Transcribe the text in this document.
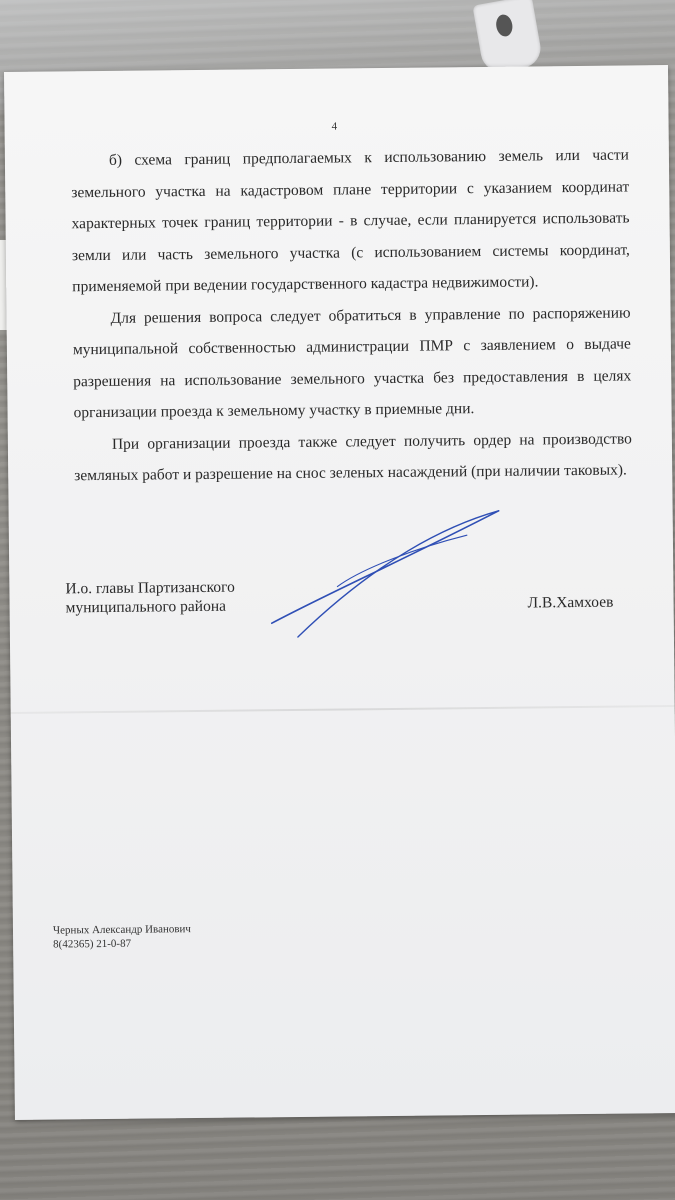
4

б) схема границ предполагаемых к использованию земель или части земельного участка на кадастровом плане территории с указанием координат характерных точек границ территории - в случае, если планируется использовать земли или часть земельного участка (с использованием системы координат, применяемой при ведении государственного кадастра недвижимости).

Для решения вопроса следует обратиться в управление по распоряжению муниципальной собственностью администрации ПМР с заявлением о выдаче разрешения на использование земельного участка без предоставления в целях организации проезда к земельному участку в приемные дни.

При организации проезда также следует получить ордер на производство земляных работ и разрешение на снос зеленых насаждений (при наличии таковых).

И.о. главы Партизанского
муниципального района	Л.В.Хамхоев
Черных Александр Иванович
8(42365) 21-0-87
